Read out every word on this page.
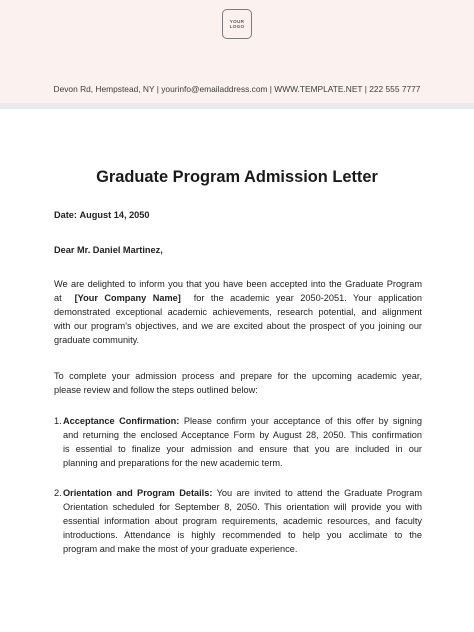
YOUR
LOGO
Devon Rd, Hempstead, NY | yourinfo@emailaddress.com | WWW.TEMPLATE.NET | 222 555 7777
Graduate Program Admission Letter
Date: August 14, 2050
Dear Mr. Daniel Martinez,
We are delighted to inform you that you have been accepted into the Graduate Program
at [Your Company Name] for the academic year 2050-2051. Your application
demonstrated exceptional academic achievements, research potential, and alignment
with our program's objectives, and we are excited about the prospect of you joining our
graduate community.
To complete your admission process and prepare for the upcoming academic year,
please review and follow the steps outlined below:
1. Acceptance Confirmation: Please confirm your acceptance of this offer by signing
and returning the enclosed Acceptance Form by August 28, 2050. This confirmation
is essential to finalize your admission and ensure that you are included in our
planning and preparations for the new academic term.
2. Orientation and Program Details: You are invited to attend the Graduate Program
Orientation scheduled for September 8, 2050. This orientation will provide you with
essential information about program requirements, academic resources, and faculty
introductions. Attendance is highly recommended to help you acclimate to the
program and make the most of your graduate experience.
